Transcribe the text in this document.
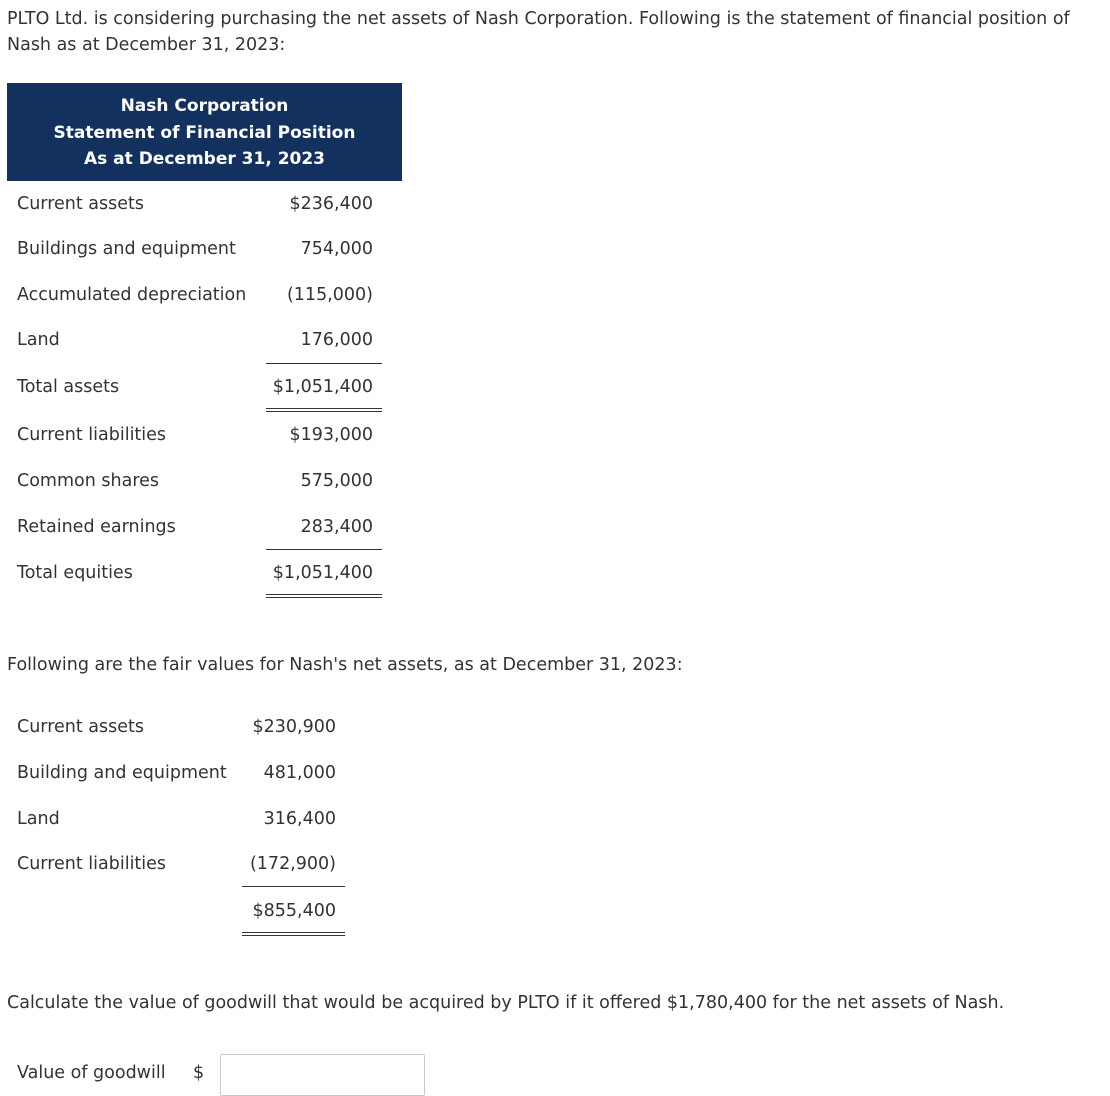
PLTO Ltd. is considering purchasing the net assets of Nash Corporation. Following is the statement of financial position of Nash as at December 31, 2023:

Nash Corporation
Statement of Financial Position
As at December 31, 2023
Current assets	$236,400
Buildings and equipment	754,000
Accumulated depreciation	(115,000)
Land	176,000
Total assets	$1,051,400
Current liabilities	$193,000
Common shares	575,000
Retained earnings	283,400
Total equities	$1,051,400

Following are the fair values for Nash's net assets, as at December 31, 2023:

Current assets	$230,900
Building and equipment	481,000
Land	316,400
Current liabilities	(172,900)
$855,400

Calculate the value of goodwill that would be acquired by PLTO if it offered $1,780,400 for the net assets of Nash.

Value of goodwill $
